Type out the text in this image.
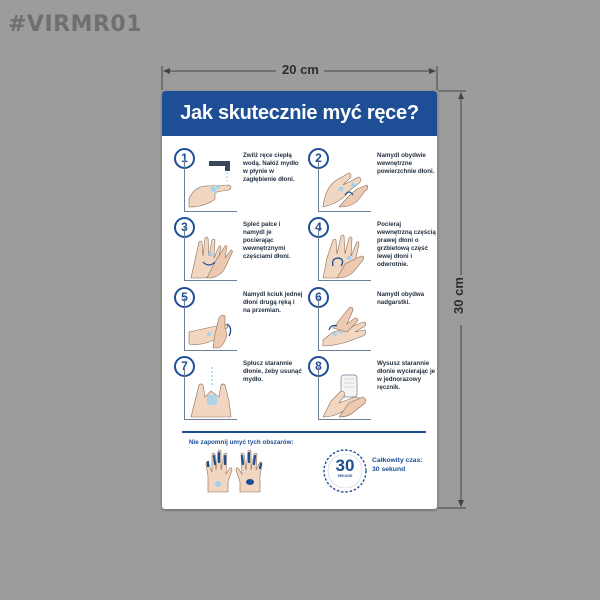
#VIRMR01
20 cm
30 cm
Jak skutecznie myć ręce?
1	Zwilż ręce ciepłą wodą. Nałóż mydło w płynie w zagłębienie dłoni.
2	Namydl obydwie wewnętrzne powierzchnie dłoni.
3	Spleć palce i namydl je pocierając wewnętrznymi częściami dłoni.
4	Pocieraj wewnętrzną częścią prawej dłoni o grzbietową część lewej dłoni i odwrotnie.
5	Namydl kciuk jednej dłoni drugą ręką i na przemian.
6	Namydl obydwa nadgarstki.
7	Spłucz starannie dłonie, żeby usunąć mydło.
8	Wysusz starannie dłonie wycierając je w jednorazowy ręcznik.
Nie zapomnij umyć tych obszarów:
30
SEKUND
Całkowity czas:
30 sekund
